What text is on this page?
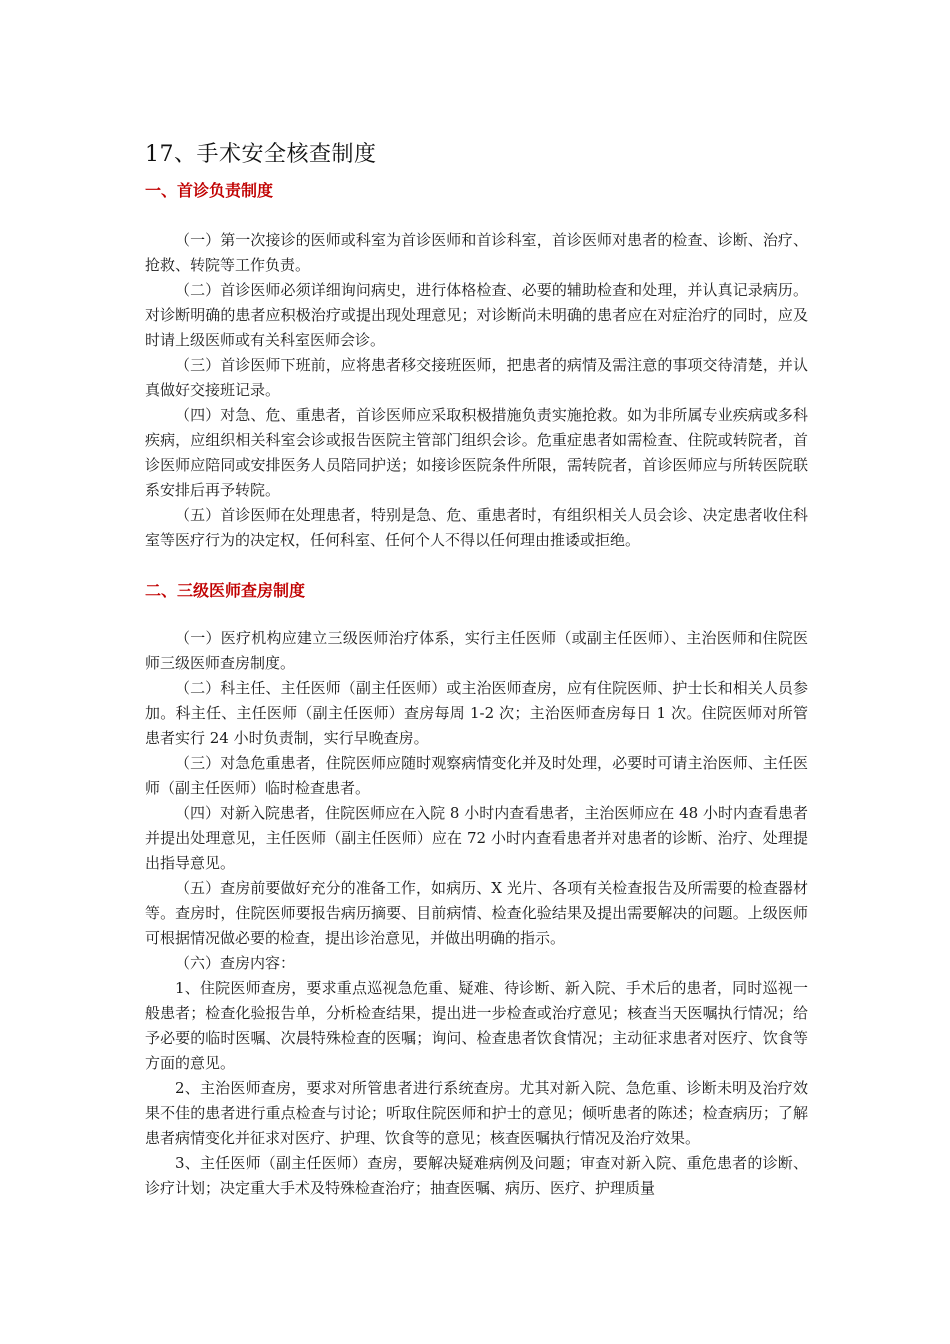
17、手术安全核查制度
一、首诊负责制度

（一）第一次接诊的医师或科室为首诊医师和首诊科室，首诊医师对患者的检查、诊断、治疗、抢救、转院等工作负责。

（二）首诊医师必须详细询问病史，进行体格检查、必要的辅助检查和处理，并认真记录病历。对诊断明确的患者应积极治疗或提出现处理意见；对诊断尚未明确的患者应在对症治疗的同时，应及时请上级医师或有关科室医师会诊。

（三）首诊医师下班前，应将患者移交接班医师，把患者的病情及需注意的事项交待清楚，并认真做好交接班记录。

（四）对急、危、重患者，首诊医师应采取积极措施负责实施抢救。如为非所属专业疾病或多科疾病，应组织相关科室会诊或报告医院主管部门组织会诊。危重症患者如需检查、住院或转院者，首诊医师应陪同或安排医务人员陪同护送；如接诊医院条件所限，需转院者，首诊医师应与所转医院联系安排后再予转院。

（五）首诊医师在处理患者，特别是急、危、重患者时，有组织相关人员会诊、决定患者收住科室等医疗行为的决定权，任何科室、任何个人不得以任何理由推诿或拒绝。

二、三级医师查房制度

（一）医疗机构应建立三级医师治疗体系，实行主任医师（或副主任医师）、主治医师和住院医师三级医师查房制度。

（二）科主任、主任医师（副主任医师）或主治医师查房，应有住院医师、护士长和相关人员参加。科主任、主任医师（副主任医师）查房每周 1-2 次；主治医师查房每日 1 次。住院医师对所管患者实行 24 小时负责制，实行早晚查房。

（三）对急危重患者，住院医师应随时观察病情变化并及时处理，必要时可请主治医师、主任医师（副主任医师）临时检查患者。

（四）对新入院患者，住院医师应在入院 8 小时内查看患者，主治医师应在 48 小时内查看患者并提出处理意见，主任医师（副主任医师）应在 72 小时内查看患者并对患者的诊断、治疗、处理提出指导意见。

（五）查房前要做好充分的准备工作，如病历、X 光片、各项有关检查报告及所需要的检查器材等。查房时，住院医师要报告病历摘要、目前病情、检查化验结果及提出需要解决的问题。上级医师可根据情况做必要的检查，提出诊治意见，并做出明确的指示。

（六）查房内容：

1、住院医师查房，要求重点巡视急危重、疑难、待诊断、新入院、手术后的患者，同时巡视一般患者；检查化验报告单，分析检查结果，提出进一步检查或治疗意见；核查当天医嘱执行情况；给予必要的临时医嘱、次晨特殊检查的医嘱；询问、检查患者饮食情况；主动征求患者对医疗、饮食等方面的意见。

2、主治医师查房，要求对所管患者进行系统查房。尤其对新入院、急危重、诊断未明及治疗效果不佳的患者进行重点检查与讨论；听取住院医师和护士的意见；倾听患者的陈述；检查病历；了解患者病情变化并征求对医疗、护理、饮食等的意见；核查医嘱执行情况及治疗效果。

3、主任医师（副主任医师）查房，要解决疑难病例及问题；审查对新入院、重危患者的诊断、诊疗计划；决定重大手术及特殊检查治疗；抽查医嘱、病历、医疗、护理质量
